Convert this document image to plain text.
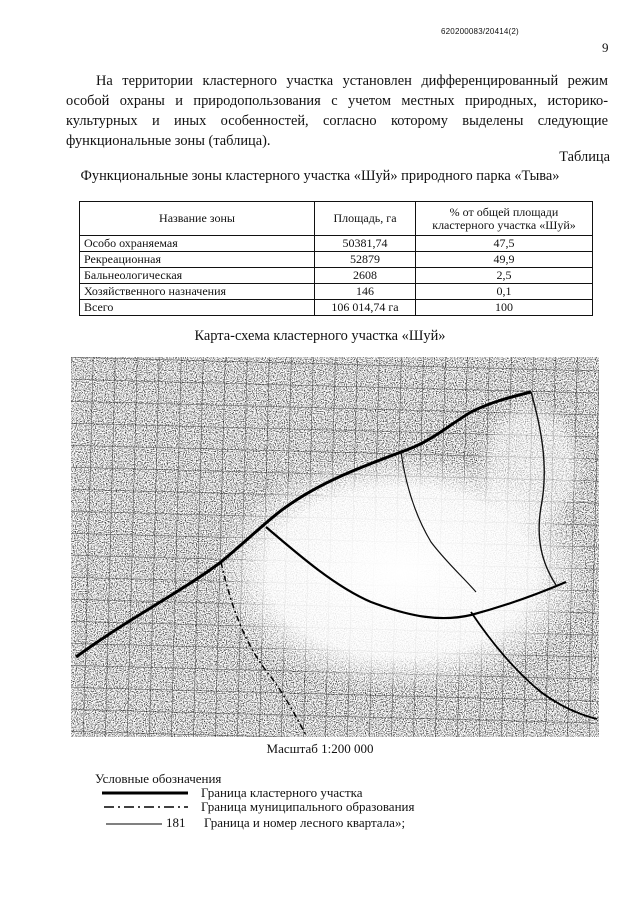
620200083/20414(2)
9

На территории кластерного участка установлен дифференцированный режим особой охраны и природопользования с учетом местных природных, историко-культурных и иных особенностей, согласно которому выделены следующие функциональные зоны (таблица).

Таблица
Функциональные зоны кластерного участка «Шуй» природного парка «Тыва»
Название зоны	Площадь, га	% от общей площади кластерного участка «Шуй»
Особо охраняемая	50381,74	47,5
Рекреационная	52879	49,9
Бальнеологическая	2608	2,5
Хозяйственного назначения	146	0,1
Всего	106 014,74 га	100
Карта-схема кластерного участка «Шуй»
Масштаб 1:200 000
Условные обозначения
Граница кластерного участка
Граница муниципального образования
181 Граница и номер лесного квартала»;
